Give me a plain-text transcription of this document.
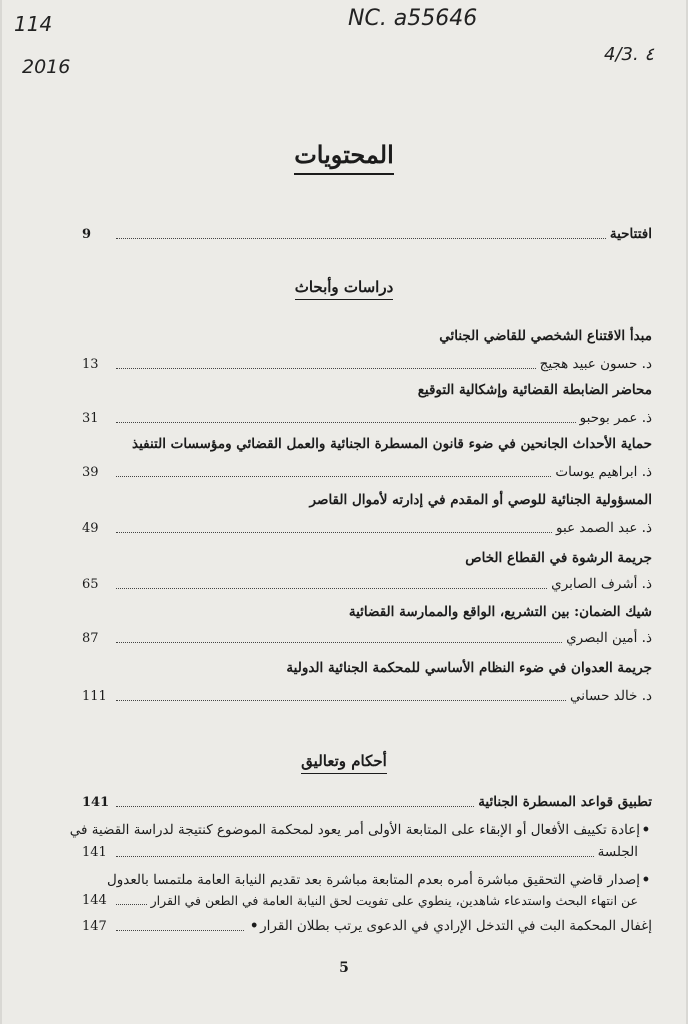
114
2016
NC. a55646
4/3. ٤
المحتويات
افتتاحية
9
دراسات وأبحاث
مبدأ الاقتناع الشخصي للقاضي الجنائي
د. حسون عبيد هجيج
13
محاضر الضابطة القضائية وإشكالية التوقيع
ذ. عمر بوحبو
31
حماية الأحداث الجانحين في ضوء قانون المسطرة الجنائية والعمل القضائي ومؤسسات التنفيذ
ذ. ابراهيم يوسات
39
المسؤولية الجنائية للوصي أو المقدم في إدارته لأموال القاصر
ذ. عبد الصمد عبو
49
جريمة الرشوة في القطاع الخاص
ذ. أشرف الصابري
65
شيك الضمان: بين التشريع، الواقع والممارسة القضائية
ذ. أمين البصري
87
جريمة العدوان في ضوء النظام الأساسي للمحكمة الجنائية الدولية
د. خالد حساني
111
أحكام وتعاليق
تطبيق قواعد المسطرة الجنائية
141
•إعادة تكييف الأفعال أو الإبقاء على المتابعة الأولى أمر يعود لمحكمة الموضوع كنتيجة لدراسة القضية في
الجلسة
141
•إصدار قاضي التحقيق مباشرة أمره بعدم المتابعة مباشرة بعد تقديم النيابة العامة ملتمسا بالعدول
عن انتهاء البحث واستدعاء شاهدين، ينطوي على تفويت لحق النيابة العامة في الطعن في القرار
144
• إغفال المحكمة البت في التدخل الإرادي في الدعوى يرتب بطلان القرار
147
5
